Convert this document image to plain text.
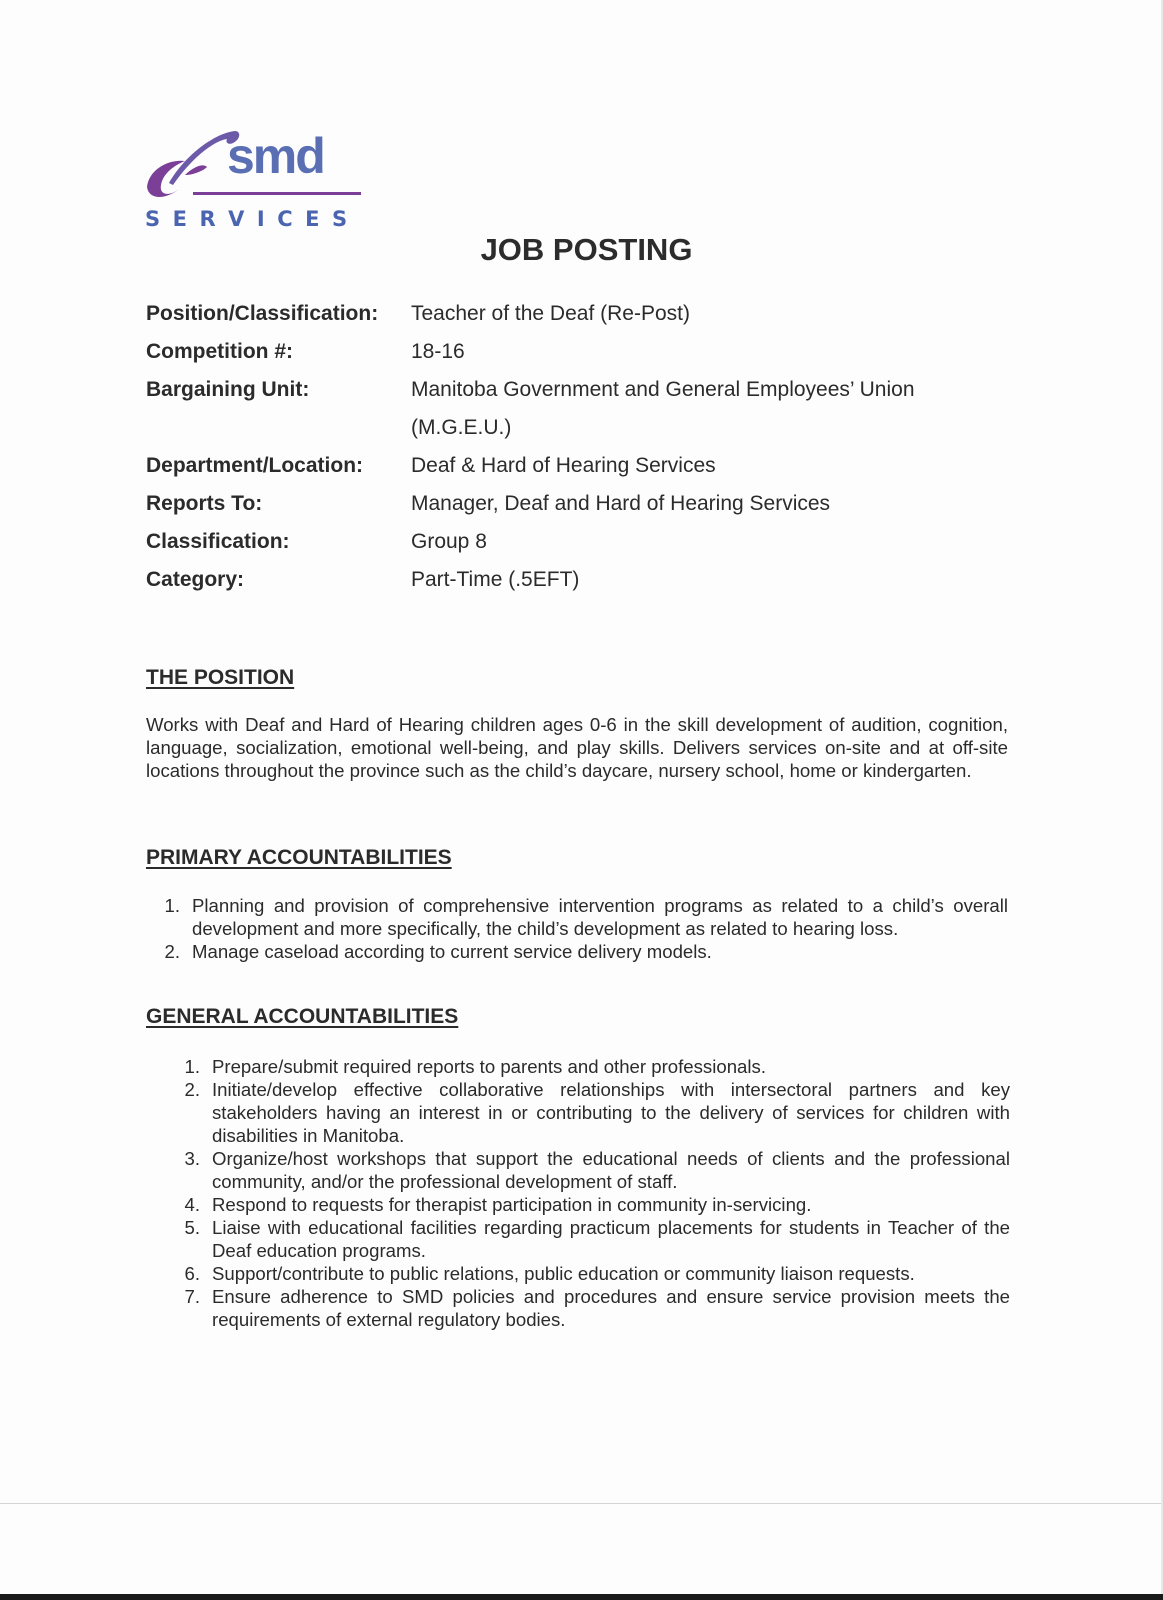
smd
SERVICES
JOB POSTING
Position/Classification:	Teacher of the Deaf (Re-Post)
Competition #:	18-16
Bargaining Unit:	Manitoba Government and General Employees’ Union
(M.G.E.U.)
Department/Location:	Deaf & Hard of Hearing Services
Reports To:	Manager, Deaf and Hard of Hearing Services
Classification:	Group 8
Category:	Part-Time (.5EFT)
THE POSITION
Works with Deaf and Hard of Hearing children ages 0-6 in the skill development of audition, cognition, language, socialization, emotional well-being, and play skills. Delivers services on-site and at off-site locations throughout the province such as the child’s daycare, nursery school, home or kindergarten.
PRIMARY ACCOUNTABILITIES
1. Planning and provision of comprehensive intervention programs as related to a child’s overall development and more specifically, the child’s development as related to hearing loss.
2. Manage caseload according to current service delivery models.
GENERAL ACCOUNTABILITIES
1. Prepare/submit required reports to parents and other professionals.
2. Initiate/develop effective collaborative relationships with intersectoral partners and key stakeholders having an interest in or contributing to the delivery of services for children with disabilities in Manitoba.
3. Organize/host workshops that support the educational needs of clients and the professional community, and/or the professional development of staff.
4. Respond to requests for therapist participation in community in-servicing.
5. Liaise with educational facilities regarding practicum placements for students in Teacher of the Deaf education programs.
6. Support/contribute to public relations, public education or community liaison requests.
7. Ensure adherence to SMD policies and procedures and ensure service provision meets the requirements of external regulatory bodies.
